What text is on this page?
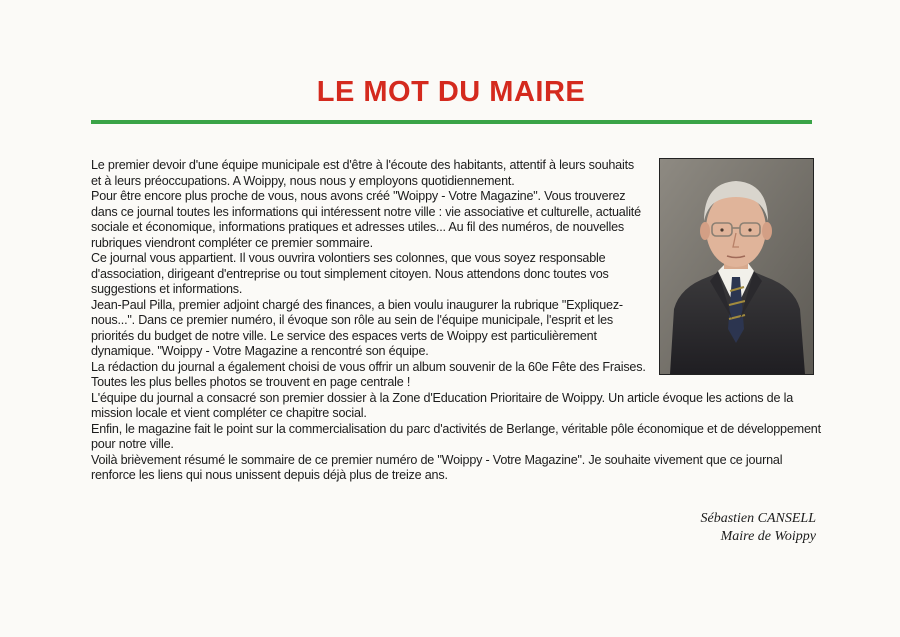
LE MOT DU MAIRE

Le premier devoir d'une équipe municipale est d'être à l'écoute des habitants, attentif à leurs souhaits et à leurs préoccupations. A Woippy, nous nous y employons quotidiennement.

Pour être encore plus proche de vous, nous avons créé "Woippy - Votre Magazine". Vous trouverez dans ce journal toutes les informations qui intéressent notre ville : vie associative et culturelle, actualité sociale et économique, informations pratiques et adresses utiles... Au fil des numéros, de nouvelles rubriques viendront compléter ce premier sommaire.

Ce journal vous appartient. Il vous ouvrira volontiers ses colonnes, que vous soyez responsable d'association, dirigeant d'entreprise ou tout simplement citoyen. Nous attendons donc toutes vos suggestions et informations.

Jean-Paul Pilla, premier adjoint chargé des finances, a bien voulu inaugurer la rubrique "Expliquez-nous...". Dans ce premier numéro, il évoque son rôle au sein de l'équipe municipale, l'esprit et les priorités du budget de notre ville. Le service des espaces verts de Woippy est particulièrement dynamique. "Woippy - Votre Magazine a rencontré son équipe.

La rédaction du journal a également choisi de vous offrir un album souvenir de la 60e Fête des Fraises. Toutes les plus belles photos se trouvent en page centrale !

L'équipe du journal a consacré son premier dossier à la Zone d'Education Prioritaire de Woippy. Un article évoque les actions de la mission locale et vient compléter ce chapitre social.

Enfin, le magazine fait le point sur la commercialisation du parc d'activités de Berlange, véritable pôle économique et de développement pour notre ville.

Voilà brièvement résumé le sommaire de ce premier numéro de "Woippy - Votre Magazine". Je souhaite vivement que ce journal renforce les liens qui nous unissent depuis déjà plus de treize ans.

Sébastien CANSELL
Maire de Woippy
